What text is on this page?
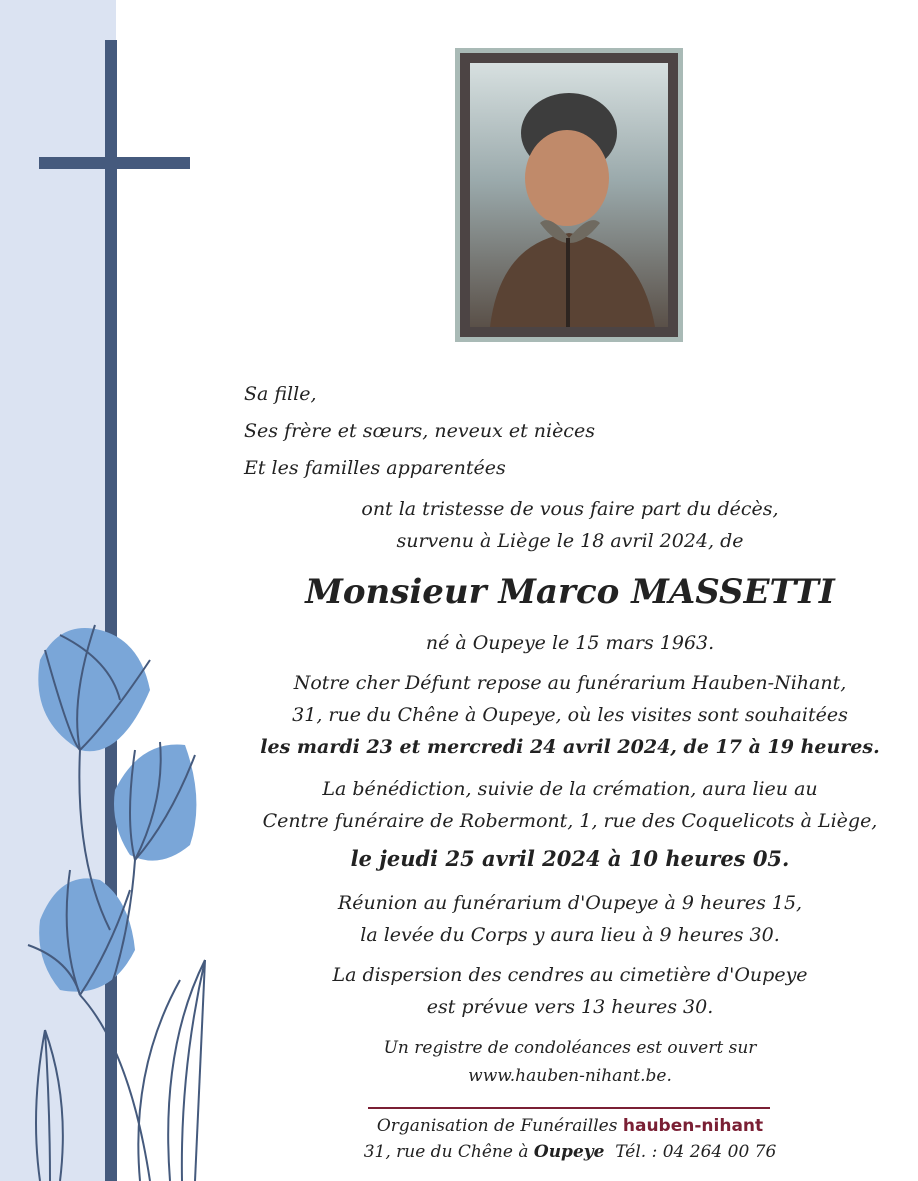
Sa fille,
Ses frère et sœurs, neveux et nièces
Et les familles apparentées
ont la tristesse de vous faire part du décès,
survenu à Liège le 18 avril 2024, de
Monsieur Marco MASSETTI
né à Oupeye le 15 mars 1963.
Notre cher Défunt repose au funérarium Hauben-Nihant,
31, rue du Chêne à Oupeye, où les visites sont souhaitées
les mardi 23 et mercredi 24 avril 2024, de 17 à 19 heures.
La bénédiction, suivie de la crémation, aura lieu au
Centre funéraire de Robermont, 1, rue des Coquelicots à Liège,
le jeudi 25 avril 2024 à 10 heures 05.
Réunion au funérarium d'Oupeye à 9 heures 15,
la levée du Corps y aura lieu à 9 heures 30.
La dispersion des cendres au cimetière d'Oupeye
est prévue vers 13 heures 30.
Un registre de condoléances est ouvert sur
www.hauben-nihant.be.
Organisation de Funérailles hauben-nihant
31, rue du Chêne à Oupeye Tél. : 04 264 00 76
